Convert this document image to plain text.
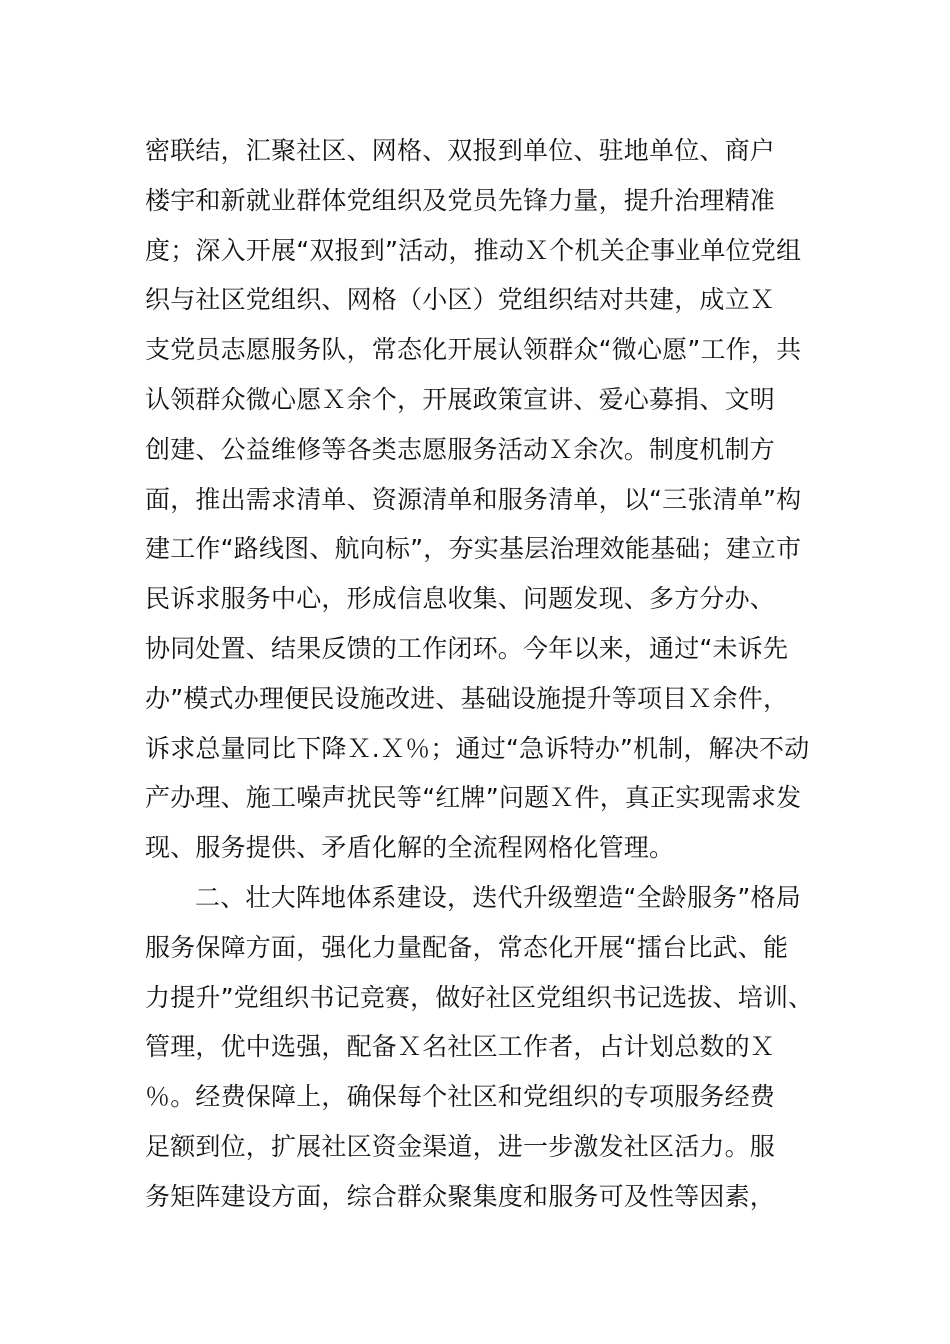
密联结，汇聚社区、网格、双报到单位、驻地单位、商户
楼宇和新就业群体党组织及党员先锋力量，提升治理精准
度；深入开展“双报到”活动，推动Ｘ个机关企事业单位党组
织与社区党组织、网格（小区）党组织结对共建，成立Ｘ
支党员志愿服务队，常态化开展认领群众“微心愿”工作，共
认领群众微心愿Ｘ余个，开展政策宣讲、爱心募捐、文明
创建、公益维修等各类志愿服务活动Ｘ余次。制度机制方
面，推出需求清单、资源清单和服务清单，以“三张清单”构
建工作“路线图、航向标”，夯实基层治理效能基础；建立市
民诉求服务中心，形成信息收集、问题发现、多方分办、
协同处置、结果反馈的工作闭环。今年以来，通过“未诉先
办”模式办理便民设施改进、基础设施提升等项目Ｘ余件，
诉求总量同比下降Ｘ.Ｘ％；通过“急诉特办”机制，解决不动
产办理、施工噪声扰民等“红牌”问题Ｘ件，真正实现需求发
现、服务提供、矛盾化解的全流程网格化管理。
二、壮大阵地体系建设，迭代升级塑造“全龄服务”格局
服务保障方面，强化力量配备，常态化开展“擂台比武、能
力提升”党组织书记竞赛，做好社区党组织书记选拔、培训、
管理，优中选强，配备Ｘ名社区工作者，占计划总数的Ｘ
％。经费保障上，确保每个社区和党组织的专项服务经费
足额到位，扩展社区资金渠道，进一步激发社区活力。服
务矩阵建设方面，综合群众聚集度和服务可及性等因素，
